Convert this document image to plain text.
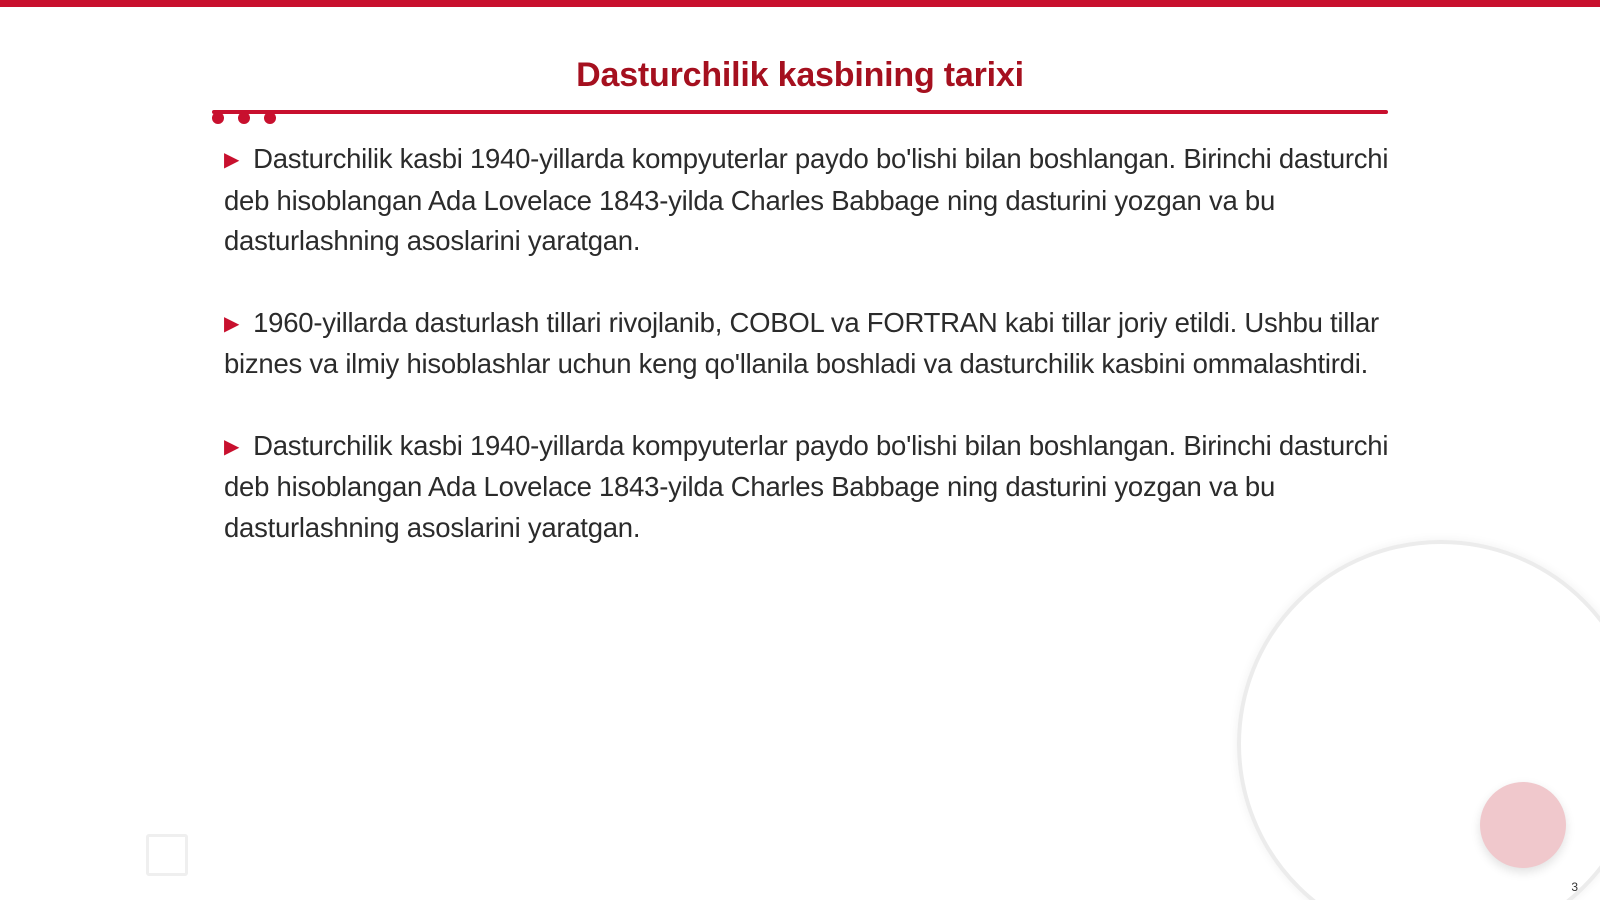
Dasturchilik kasbining tarixi

▶ Dasturchilik kasbi 1940-yillarda kompyuterlar paydo bo'lishi bilan boshlangan. Birinchi dasturchi deb hisoblangan Ada Lovelace 1843-yilda Charles Babbage ning dasturini yozgan va bu dasturlashning asoslarini yaratgan.

▶ 1960-yillarda dasturlash tillari rivojlanib, COBOL va FORTRAN kabi tillar joriy etildi. Ushbu tillar biznes va ilmiy hisoblashlar uchun keng qo'llanila boshladi va dasturchilik kasbini ommalashtirdi.

▶ Dasturchilik kasbi 1940-yillarda kompyuterlar paydo bo'lishi bilan boshlangan. Birinchi dasturchi deb hisoblangan Ada Lovelace 1843-yilda Charles Babbage ning dasturini yozgan va bu dasturlashning asoslarini yaratgan.

3
